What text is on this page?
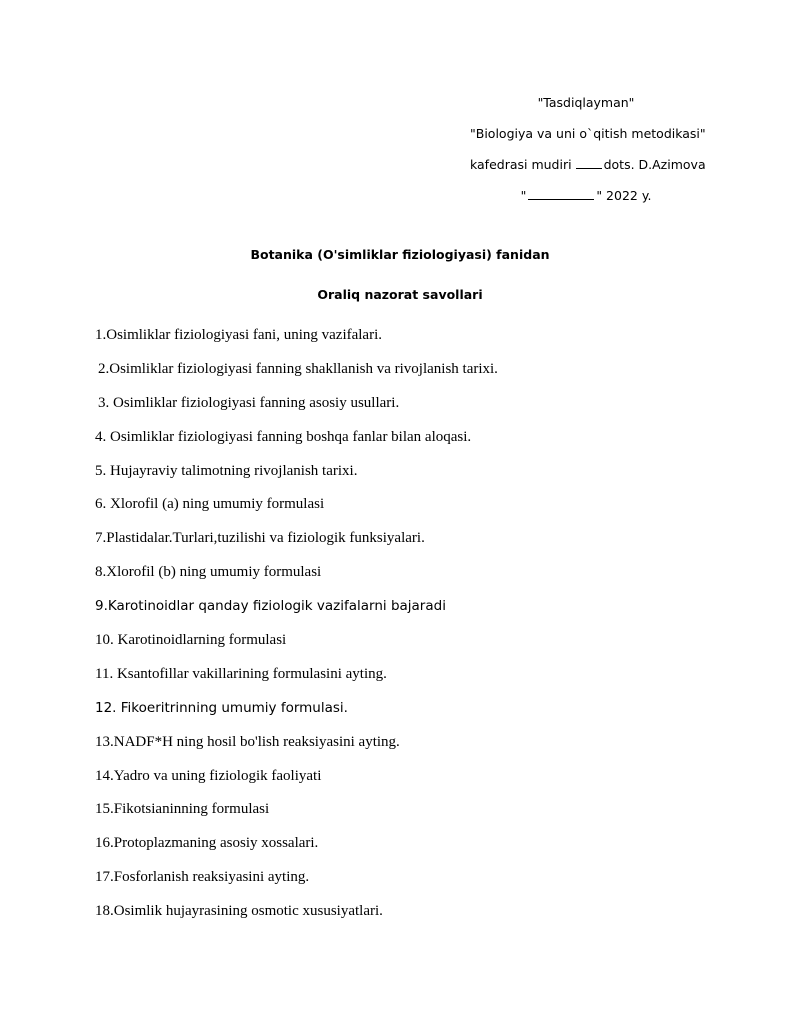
"Tasdiqlayman"
"Biologiya va uni o`qitish metodikasi"
kafedrasi mudiri	dots. D.Azimova
"	" 2022 y.
Botanika (O'simliklar fiziologiyasi) fanidan
Oraliq nazorat savollari
1.Osimliklar fiziologiyasi fani, uning vazifalari.
2.Osimliklar fiziologiyasi fanning shakllanish va rivojlanish tarixi.
3. Osimliklar fiziologiyasi fanning asosiy usullari.
4. Osimliklar fiziologiyasi fanning boshqa fanlar bilan aloqasi.
5. Hujayraviy talimotning rivojlanish tarixi.
6. Xlorofil (a) ning umumiy formulasi
7.Plastidalar.Turlari,tuzilishi va fiziologik funksiyalari.
8.Xlorofil (b) ning umumiy formulasi
9.Karotinoidlar qanday fiziologik vazifalarni bajaradi
10. Karotinoidlarning formulasi
11. Ksantofillar vakillarining formulasini ayting.
12. Fikoeritrinning umumiy formulasi.
13.NADF*H ning hosil bo'lish reaksiyasini ayting.
14.Yadro va uning fiziologik faoliyati
15.Fikotsianinning formulasi
16.Protoplazmaning asosiy xossalari.
17.Fosforlanish reaksiyasini ayting.
18.Osimlik hujayrasining osmotic xususiyatlari.
